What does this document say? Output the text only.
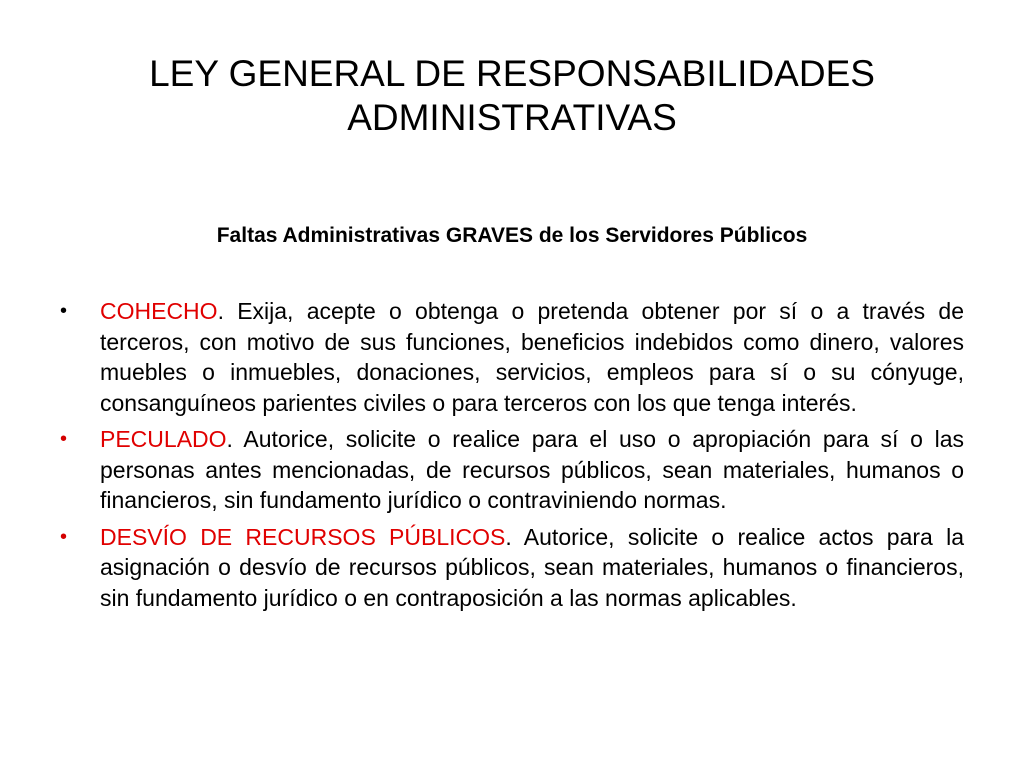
LEY GENERAL DE RESPONSABILIDADES
ADMINISTRATIVAS
Faltas Administrativas GRAVES de los Servidores Públicos
• COHECHO. Exija, acepte o obtenga o pretenda obtener por sí o a través de terceros, con motivo de sus funciones, beneficios indebidos como dinero, valores muebles o inmuebles, donaciones, servicios, empleos para sí o su cónyuge, consanguíneos parientes civiles o para terceros con los que tenga interés.
• PECULADO. Autorice, solicite o realice para el uso o apropiación para sí o las personas antes mencionadas, de recursos públicos, sean materiales, humanos o financieros, sin fundamento jurídico o contraviniendo normas.
• DESVÍO DE RECURSOS PÚBLICOS. Autorice, solicite o realice actos para la asignación o desvío de recursos públicos, sean materiales, humanos o financieros, sin fundamento jurídico o en contraposición a las normas aplicables.
